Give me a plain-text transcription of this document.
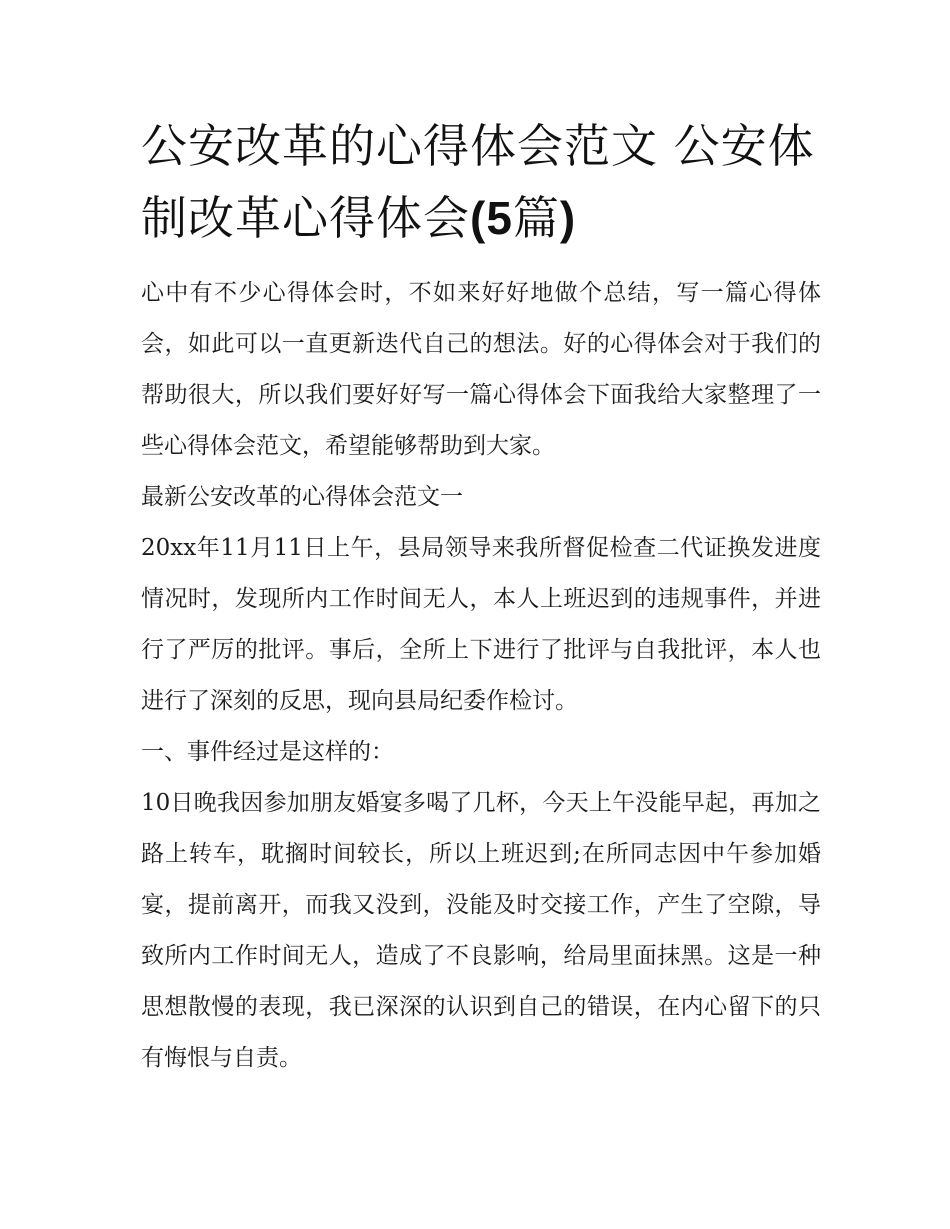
公安改革的心得体会范文 公安体制改革心得体会(5篇)

心中有不少心得体会时，不如来好好地做个总结，写一篇心得体会，如此可以一直更新迭代自己的想法。好的心得体会对于我们的帮助很大，所以我们要好好写一篇心得体会下面我给大家整理了一些心得体会范文，希望能够帮助到大家。

最新公安改革的心得体会范文一

20xx年11月11日上午，县局领导来我所督促检查二代证换发进度情况时，发现所内工作时间无人，本人上班迟到的违规事件，并进行了严厉的批评。事后，全所上下进行了批评与自我批评，本人也进行了深刻的反思，现向县局纪委作检讨。

一、事件经过是这样的：

10日晚我因参加朋友婚宴多喝了几杯，今天上午没能早起，再加之路上转车，耽搁时间较长，所以上班迟到;在所同志因中午参加婚宴，提前离开，而我又没到，没能及时交接工作，产生了空隙，导致所内工作时间无人，造成了不良影响，给局里面抹黑。这是一种思想散慢的表现，我已深深的认识到自己的错误，在内心留下的只有悔恨与自责。
